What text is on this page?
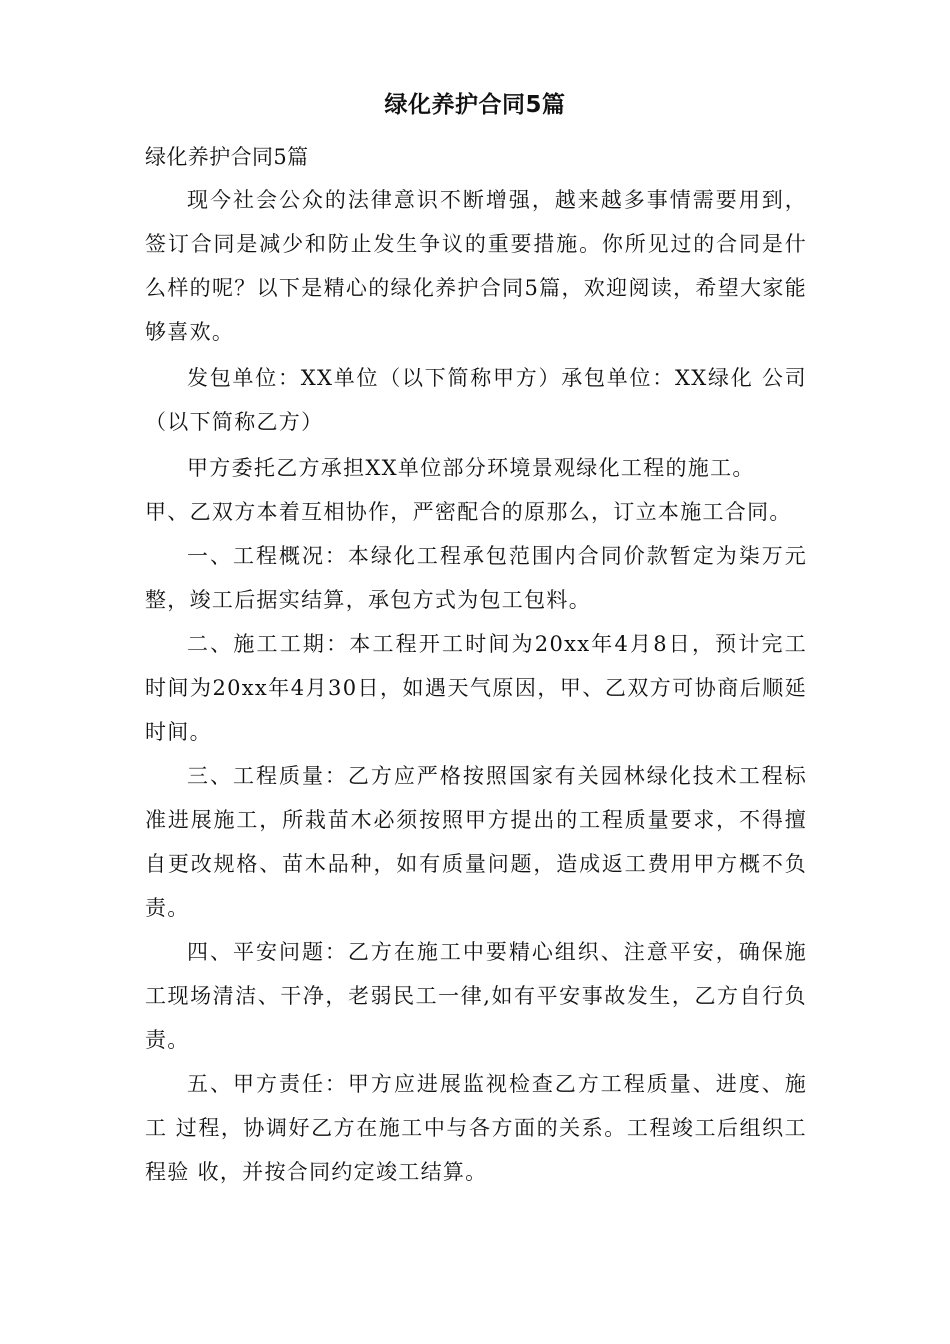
绿化养护合同5篇

绿化养护合同5篇

现今社会公众的法律意识不断增强，越来越多事情需要用到，签订合同是减少和防止发生争议的重要措施。你所见过的合同是什么样的呢？以下是精心的绿化养护合同5篇，欢迎阅读，希望大家能够喜欢。

发包单位：XX单位（以下简称甲方）承包单位：XX绿化 公司（以下简称乙方）

甲方委托乙方承担XX单位部分环境景观绿化工程的施工。

甲、乙双方本着互相协作，严密配合的原那么，订立本施工合同。

一、工程概况：本绿化工程承包范围内合同价款暂定为柒万元整，竣工后据实结算，承包方式为包工包料。

二、施工工期：本工程开工时间为20xx年4月8日，预计完工时间为20xx年4月30日，如遇天气原因，甲、乙双方可协商后顺延时间。

三、工程质量：乙方应严格按照国家有关园林绿化技术工程标准进展施工，所栽苗木必须按照甲方提出的工程质量要求，不得擅自更改规格、苗木品种，如有质量问题，造成返工费用甲方概不负责。

四、平安问题：乙方在施工中要精心组织、注意平安，确保施工现场清洁、干净，老弱民工一律,如有平安事故发生，乙方自行负责。

五、甲方责任：甲方应进展监视检查乙方工程质量、进度、施工 过程，协调好乙方在施工中与各方面的关系。工程竣工后组织工程验 收，并按合同约定竣工结算。
